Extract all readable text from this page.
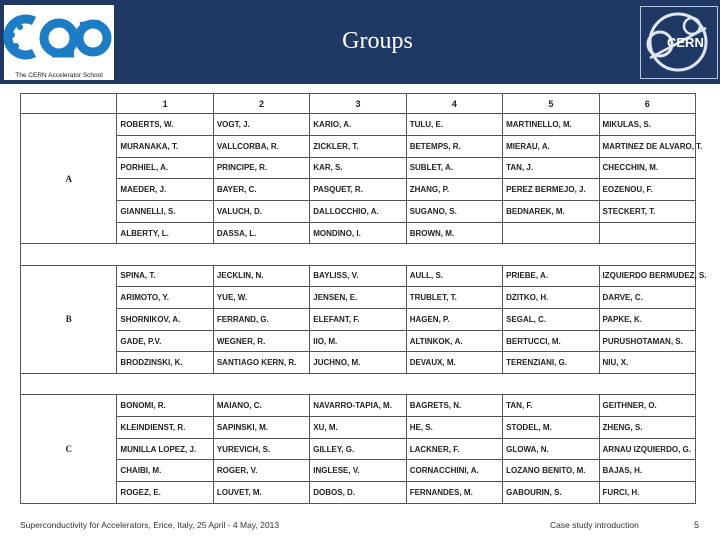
The CERN Accelerator School
Groups	CERN
	1	2	3	4	5	6
A	ROBERTS, W.	VOGT, J.	KARIO, A.	TULU, E.	MARTINELLO, M.	MIKULAS, S.
	MURANAKA, T.	VALLCORBA, R.	ZICKLER, T.	BETEMPS, R.	MIERAU, A.	MARTINEZ DE ALVARO, T.
	PORHIEL, A.	PRINCIPE, R.	KAR, S.	SUBLET, A.	TAN, J.	CHECCHIN, M.
	MAEDER, J.	BAYER, C.	PASQUET, R.	ZHANG, P.	PEREZ BERMEJO, J.	EOZENOU, F.
	GIANNELLI, S.	VALUCH, D.	DALLOCCHIO, A.	SUGANO, S.	BEDNAREK, M.	STECKERT, T.
	ALBERTY, L.	DASSA, L.	MONDINO, I.	BROWN, M.		

B	SPINA, T.	JECKLIN, N.	BAYLISS, V.	AULL, S.	PRIEBE, A.	IZQUIERDO BERMUDEZ, S.
	ARIMOTO, Y.	YUE, W.	JENSEN, E.	TRUBLET, T.	DZITKO, H.	DARVE, C.
	SHORNIKOV, A.	FERRAND, G.	ELEFANT, F.	HAGEN, P.	SEGAL, C.	PAPKE, K.
	GADE, P.V.	WEGNER, R.	IIO, M.	ALTINKOK, A.	BERTUCCI, M.	PURUSHOTAMAN, S.
	BRODZINSKI, K.	SANTIAGO KERN, R.	JUCHNO, M.	DEVAUX, M.	TERENZIANI, G.	NIU, X.

C	BONOMI, R.	MAIANO, C.	NAVARRO-TAPIA, M.	BAGRETS, N.	TAN, F.	GEITHNER, O.
	KLEINDIENST, R.	SAPINSKI, M.	XU, M.	HE, S.	STODEL, M.	ZHENG, S.
	MUNILLA LOPEZ, J.	YUREVICH, S.	GILLEY, G.	LACKNER, F.	GLOWA, N.	ARNAU IZQUIERDO, G.
	CHAIBI, M.	ROGER, V.	INGLESE, V.	CORNACCHINI, A.	LOZANO BENITO, M.	BAJAS, H.
	ROGEZ, E.	LOUVET, M.	DOBOS, D.	FERNANDES, M.	GABOURIN, S.	FURCI, H.
Superconductivity for Accelerators, Erice, Italy, 25 April - 4 May, 2013	Case study introduction	5
